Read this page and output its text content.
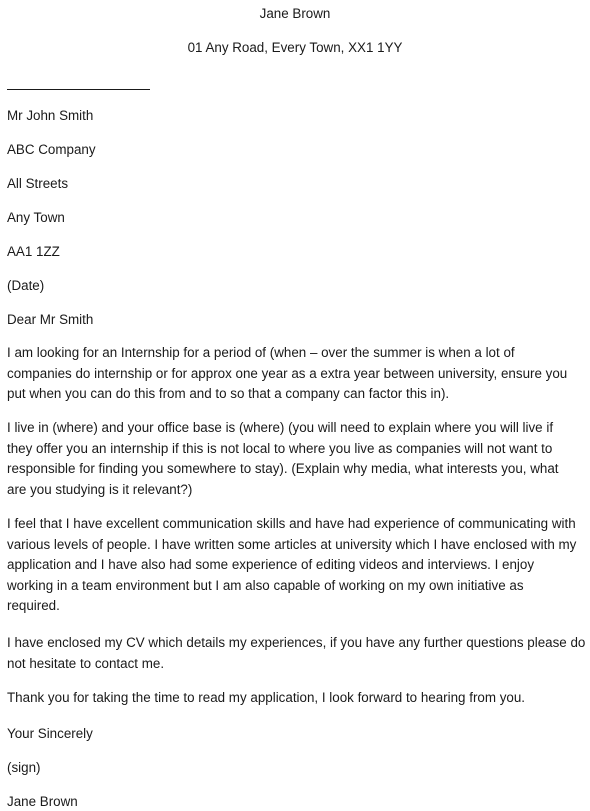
Jane Brown
01 Any Road, Every Town, XX1 1YY
Mr John Smith
ABC Company
All Streets
Any Town
AA1 1ZZ
(Date)
Dear Mr Smith
I am looking for an Internship for a period of (when – over the summer is when a lot of
companies do internship or for approx one year as a extra year between university, ensure you
put when you can do this from and to so that a company can factor this in).
I live in (where) and your office base is (where) (you will need to explain where you will live if
they offer you an internship if this is not local to where you live as companies will not want to
responsible for finding you somewhere to stay). (Explain why media, what interests you, what
are you studying is it relevant?)
I feel that I have excellent communication skills and have had experience of communicating with
various levels of people. I have written some articles at university which I have enclosed with my
application and I have also had some experience of editing videos and interviews. I enjoy
working in a team environment but I am also capable of working on my own initiative as
required.
I have enclosed my CV which details my experiences, if you have any further questions please do
not hesitate to contact me.
Thank you for taking the time to read my application, I look forward to hearing from you.
Your Sincerely
(sign)
Jane Brown
